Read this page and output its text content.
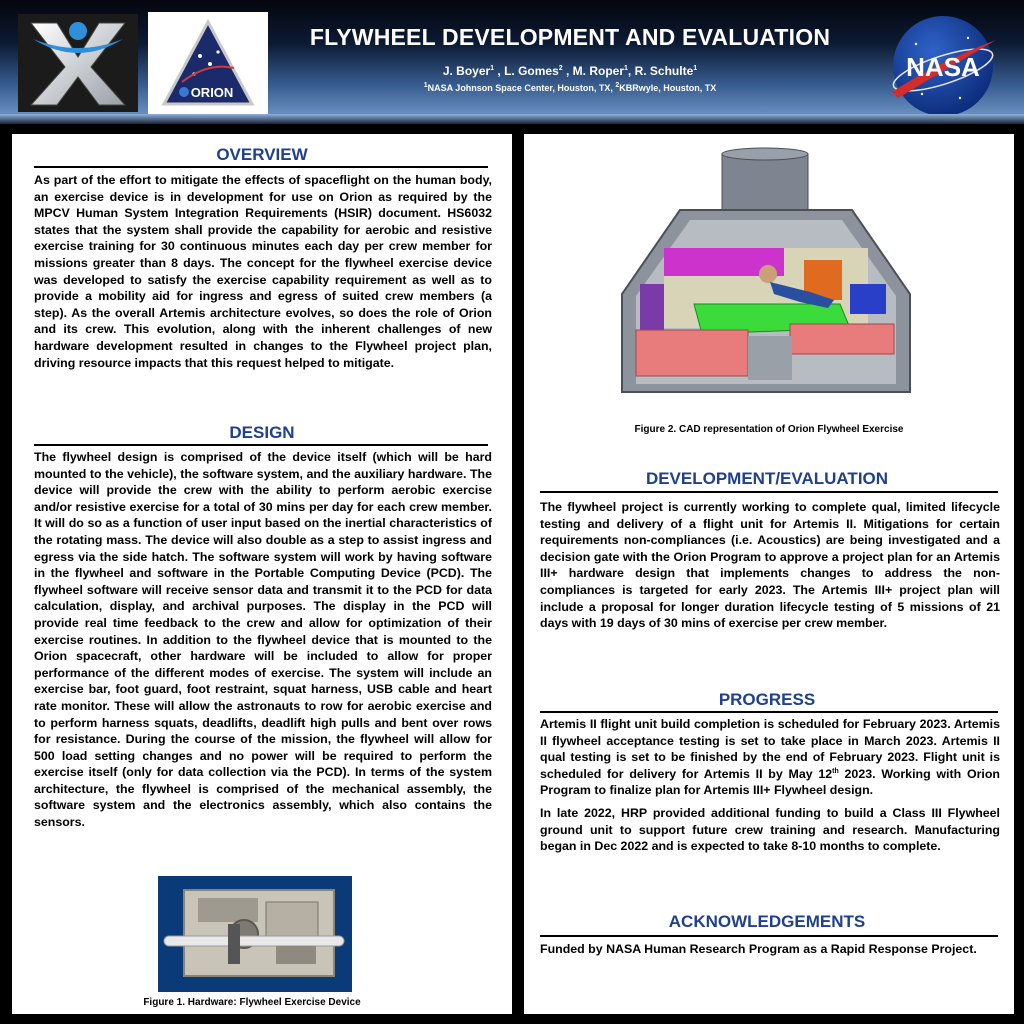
ORION
FLYWHEEL DEVELOPMENT AND EVALUATION
J. Boyer$^1$ , L. Gomes$^2$ , M. Roper$^1$, R. Schulte$^1$
$^1$NASA Johnson Space Center, Houston, TX, $^2$KBRwyle, Houston, TX
NASA
OVERVIEW
As part of the effort to mitigate the effects of spaceflight on the human body, an exercise device is in development for use on Orion as required by the MPCV Human System Integration Requirements (HSIR) document. HS6032 states that the system shall provide the capability for aerobic and resistive exercise training for 30 continuous minutes each day per crew member for missions greater than 8 days. The concept for the flywheel exercise device was developed to satisfy the exercise capability requirement as well as to provide a mobility aid for ingress and egress of suited crew members (a step). As the overall Artemis architecture evolves, so does the role of Orion and its crew. This evolution, along with the inherent challenges of new hardware development resulted in changes to the Flywheel project plan, driving resource impacts that this request helped to mitigate.
DESIGN
The flywheel design is comprised of the device itself (which will be hard mounted to the vehicle), the software system, and the auxiliary hardware. The device will provide the crew with the ability to perform aerobic exercise and/or resistive exercise for a total of 30 mins per day for each crew member. It will do so as a function of user input based on the inertial characteristics of the rotating mass. The device will also double as a step to assist ingress and egress via the side hatch. The software system will work by having software in the flywheel and software in the Portable Computing Device (PCD). The flywheel software will receive sensor data and transmit it to the PCD for data calculation, display, and archival purposes. The display in the PCD will provide real time feedback to the crew and allow for optimization of their exercise routines. In addition to the flywheel device that is mounted to the Orion spacecraft, other hardware will be included to allow for proper performance of the different modes of exercise. The system will include an exercise bar, foot guard, foot restraint, squat harness, USB cable and heart rate monitor. These will allow the astronauts to row for aerobic exercise and to perform harness squats, deadlifts, deadlift high pulls and bent over rows for resistance. During the course of the mission, the flywheel will allow for 500 load setting changes and no power will be required to perform the exercise itself (only for data collection via the PCD). In terms of the system architecture, the flywheel is comprised of the mechanical assembly, the software system and the electronics assembly, which also contains the sensors.
Figure 1. Hardware: Flywheel Exercise Device
Figure 2. CAD representation of Orion Flywheel Exercise
DEVELOPMENT/EVALUATION
The flywheel project is currently working to complete qual, limited lifecycle testing and delivery of a flight unit for Artemis II. Mitigations for certain requirements non-compliances (i.e. Acoustics) are being investigated and a decision gate with the Orion Program to approve a project plan for an Artemis III+ hardware design that implements changes to address the non-compliances is targeted for early 2023. The Artemis III+ project plan will include a proposal for longer duration lifecycle testing of 5 missions of 21 days with 19 days of 30 mins of exercise per crew member.
PROGRESS

Artemis II flight unit build completion is scheduled for February 2023. Artemis II flywheel acceptance testing is set to take place in March 2023. Artemis II qual testing is set to be finished by the end of February 2023. Flight unit is scheduled for delivery for Artemis II by May 12th 2023. Working with Orion Program to finalize plan for Artemis III+ Flywheel design.

In late 2022, HRP provided additional funding to build a Class III Flywheel ground unit to support future crew training and research. Manufacturing began in Dec 2022 and is expected to take 8-10 months to complete.

ACKNOWLEDGEMENTS
Funded by NASA Human Research Program as a Rapid Response Project.
